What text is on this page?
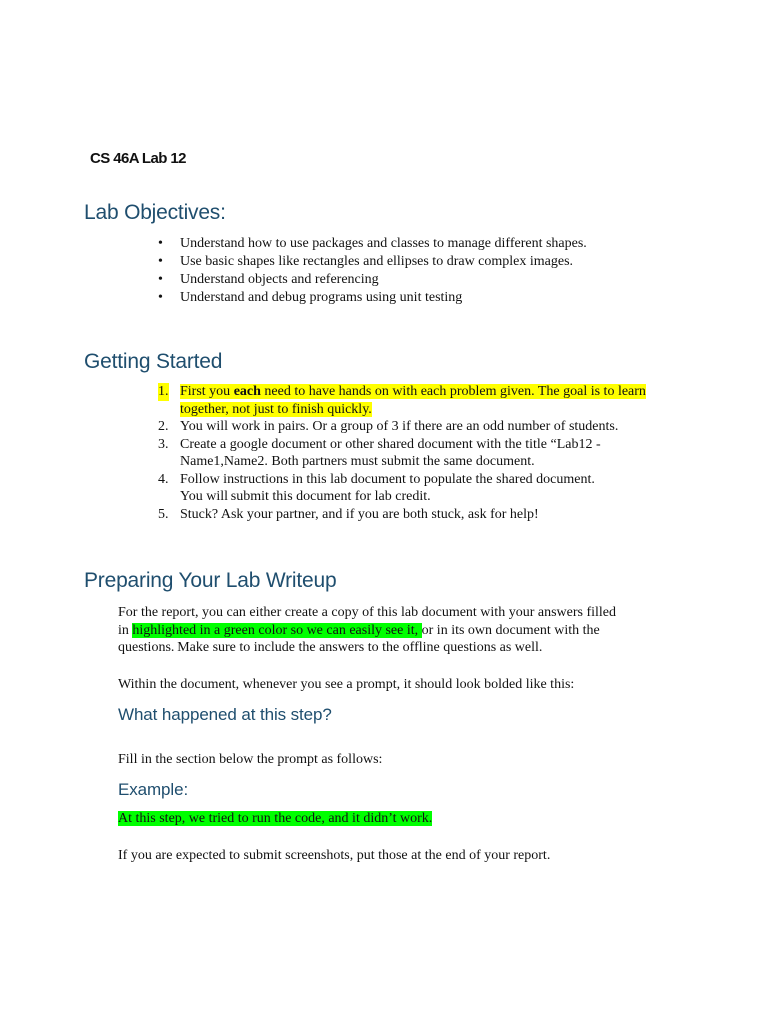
CS 46A Lab 12
Lab Objectives:
• Understand how to use packages and classes to manage different shapes.
• Use basic shapes like rectangles and ellipses to draw complex images.
• Understand objects and referencing
• Understand and debug programs using unit testing
Getting Started
1. First you each need to have hands on with each problem given. The goal is to learn
together, not just to finish quickly.
2. You will work in pairs. Or a group of 3 if there are an odd number of students.
3. Create a google document or other shared document with the title “Lab12 -
Name1,Name2. Both partners must submit the same document.
4. Follow instructions in this lab document to populate the shared document.
You will submit this document for lab credit.
5. Stuck? Ask your partner, and if you are both stuck, ask for help!
Preparing Your Lab Writeup
For the report, you can either create a copy of this lab document with your answers filled
in highlighted in a green color so we can easily see it, or in its own document with the
questions. Make sure to include the answers to the offline questions as well.
Within the document, whenever you see a prompt, it should look bolded like this:
What happened at this step?
Fill in the section below the prompt as follows:
Example:
At this step, we tried to run the code, and it didn’t work.
If you are expected to submit screenshots, put those at the end of your report.
